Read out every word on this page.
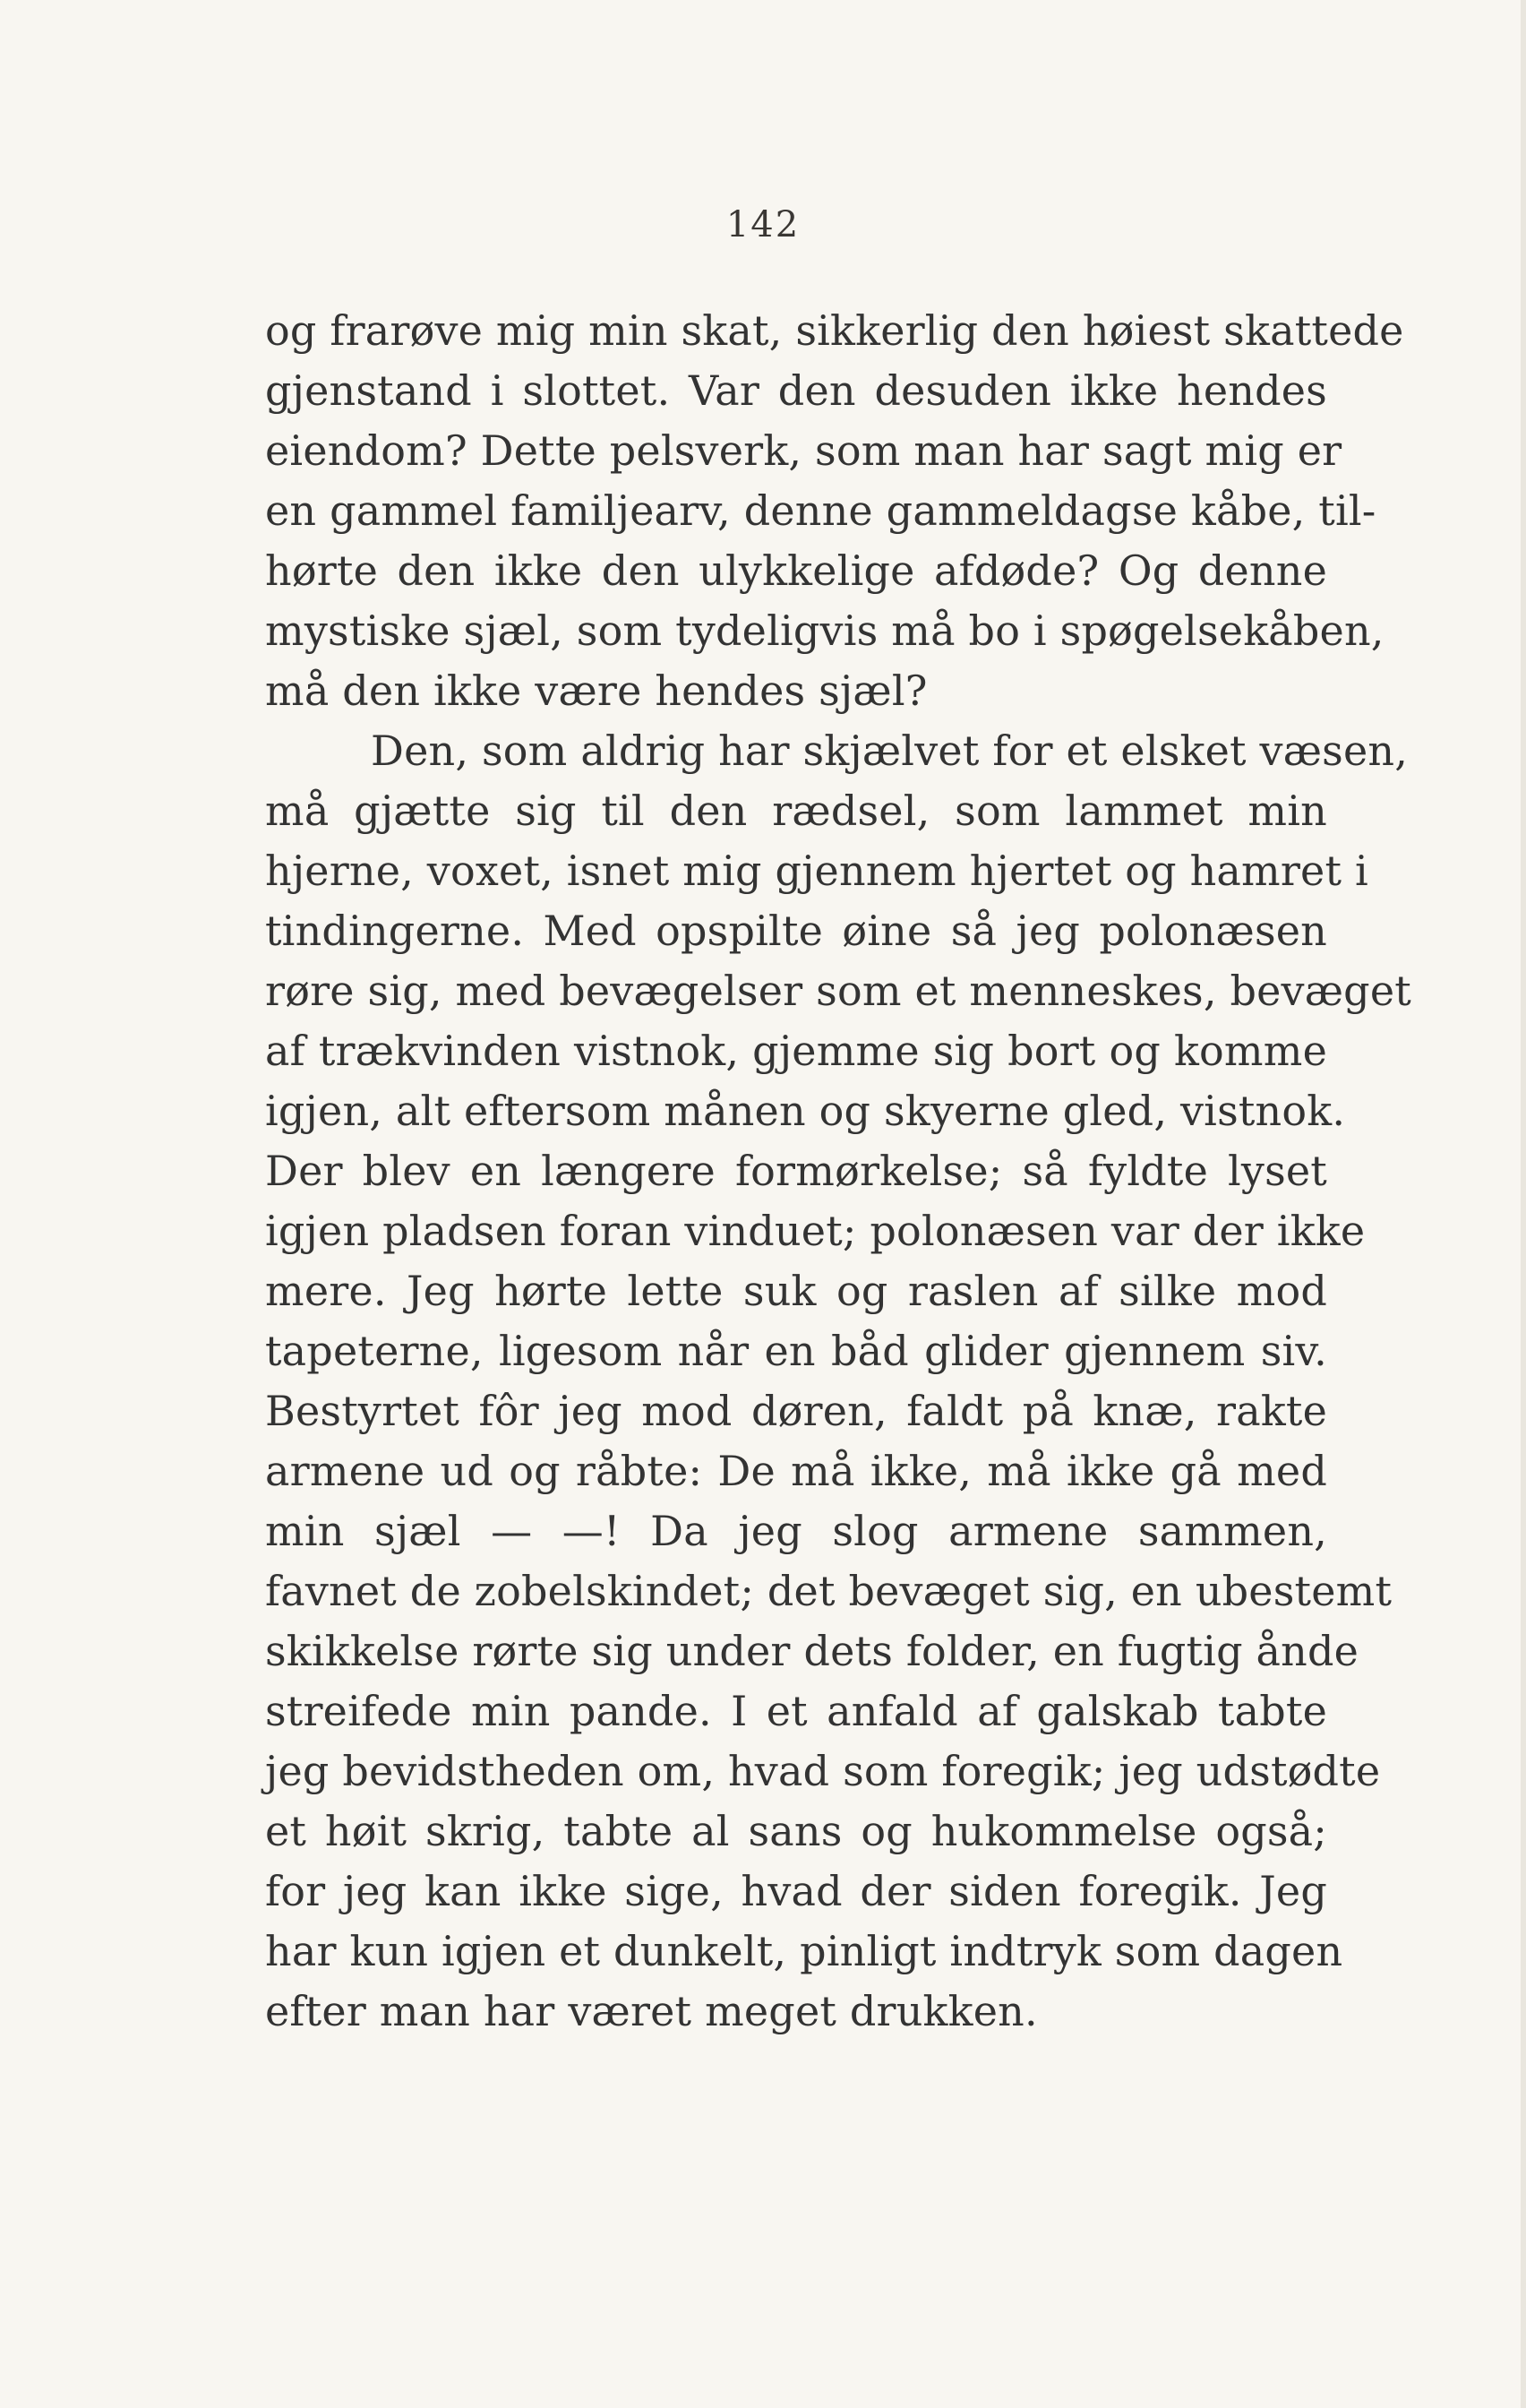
142
og frarøve mig min skat, sikkerlig den høiest skattede
gjenstand i slottet. Var den desuden ikke hendes
eiendom? Dette pelsverk, som man har sagt mig er
en gammel familjearv, denne gammeldagse kåbe, til-
hørte den ikke den ulykkelige afdøde? Og denne
mystiske sjæl, som tydeligvis må bo i spøgelsekåben,
må den ikke være hendes sjæl?
Den, som aldrig har skjælvet for et elsket væsen,
må gjætte sig til den rædsel, som lammet min
hjerne, voxet, isnet mig gjennem hjertet og hamret i
tindingerne. Med opspilte øine så jeg polonæsen
røre sig, med bevægelser som et menneskes, bevæget
af trækvinden vistnok, gjemme sig bort og komme
igjen, alt eftersom månen og skyerne gled, vistnok.
Der blev en længere formørkelse; så fyldte lyset
igjen pladsen foran vinduet; polonæsen var der ikke
mere. Jeg hørte lette suk og raslen af silke mod
tapeterne, ligesom når en båd glider gjennem siv.
Bestyrtet fôr jeg mod døren, faldt på knæ, rakte
armene ud og råbte: De må ikke, må ikke gå med
min sjæl — —! Da jeg slog armene sammen,
favnet de zobelskindet; det bevæget sig, en ubestemt
skikkelse rørte sig under dets folder, en fugtig ånde
streifede min pande. I et anfald af galskab tabte
jeg bevidstheden om, hvad som foregik; jeg udstødte
et høit skrig, tabte al sans og hukommelse også;
for jeg kan ikke sige, hvad der siden foregik. Jeg
har kun igjen et dunkelt, pinligt indtryk som dagen
efter man har været meget drukken.
